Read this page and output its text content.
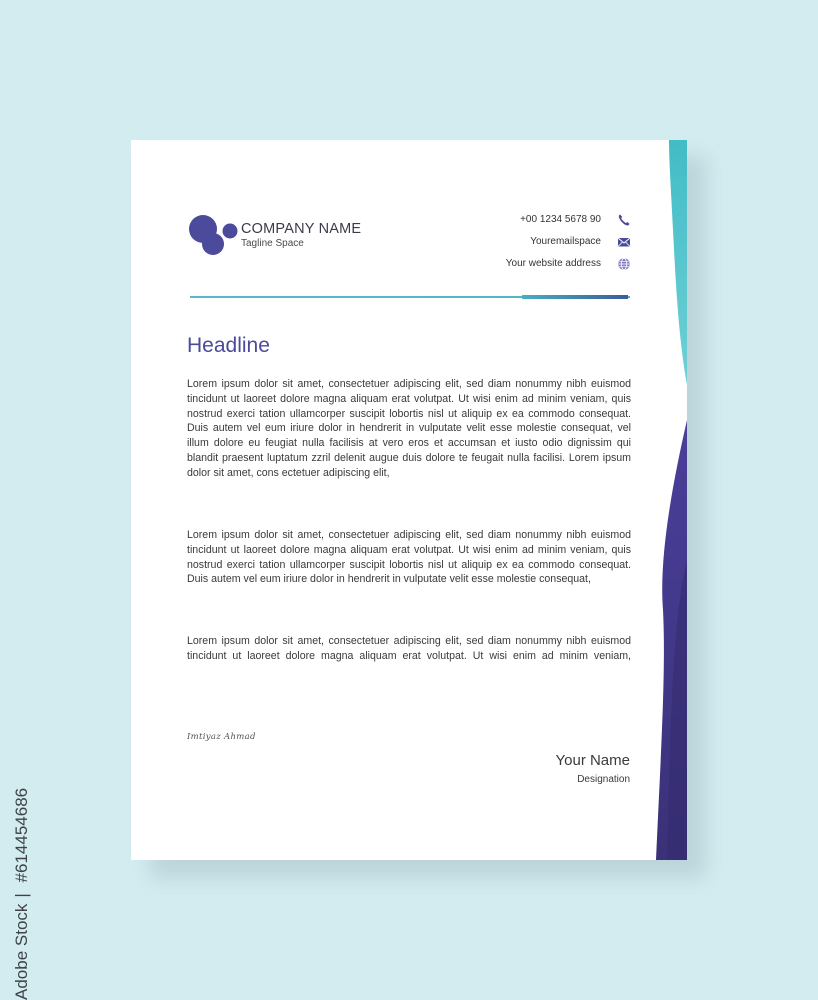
COMPANY NAME
Tagline Space
+00 1234 5678 90
Youremailspace
Your website address
Headline
Lorem ipsum dolor sit amet, consectetuer adipiscing elit, sed diam nonummy nibh euismod tincidunt ut laoreet dolore magna aliquam erat volutpat. Ut wisi enim ad minim veniam, quis nostrud exerci tation ullamcorper suscipit lobortis nisl ut aliquip ex ea commodo consequat. Duis autem vel eum iriure dolor in hendrerit in vulputate velit esse molestie consequat, vel illum dolore eu feugiat nulla facilisis at vero eros et accumsan et iusto odio dignissim qui blandit praesent luptatum zzril delenit augue duis dolore te feugait nulla facilisi. Lorem ipsum dolor sit amet, cons ectetuer adipiscing elit,
Lorem ipsum dolor sit amet, consectetuer adipiscing elit, sed diam nonummy nibh euismod tincidunt ut laoreet dolore magna aliquam erat volutpat. Ut wisi enim ad minim veniam, quis nostrud exerci tation ullamcorper suscipit lobortis nisl ut aliquip ex ea commodo consequat. Duis autem vel eum iriure dolor in hendrerit in vulputate velit esse molestie consequat,
Lorem ipsum dolor sit amet, consectetuer adipiscing elit, sed diam nonummy nibh euismod tincidunt ut laoreet dolore magna aliquam erat volutpat. Ut wisi enim ad minim veniam,
Imtiyaz Ahmad
Your Name
Designation
Adobe Stock| #614454686
